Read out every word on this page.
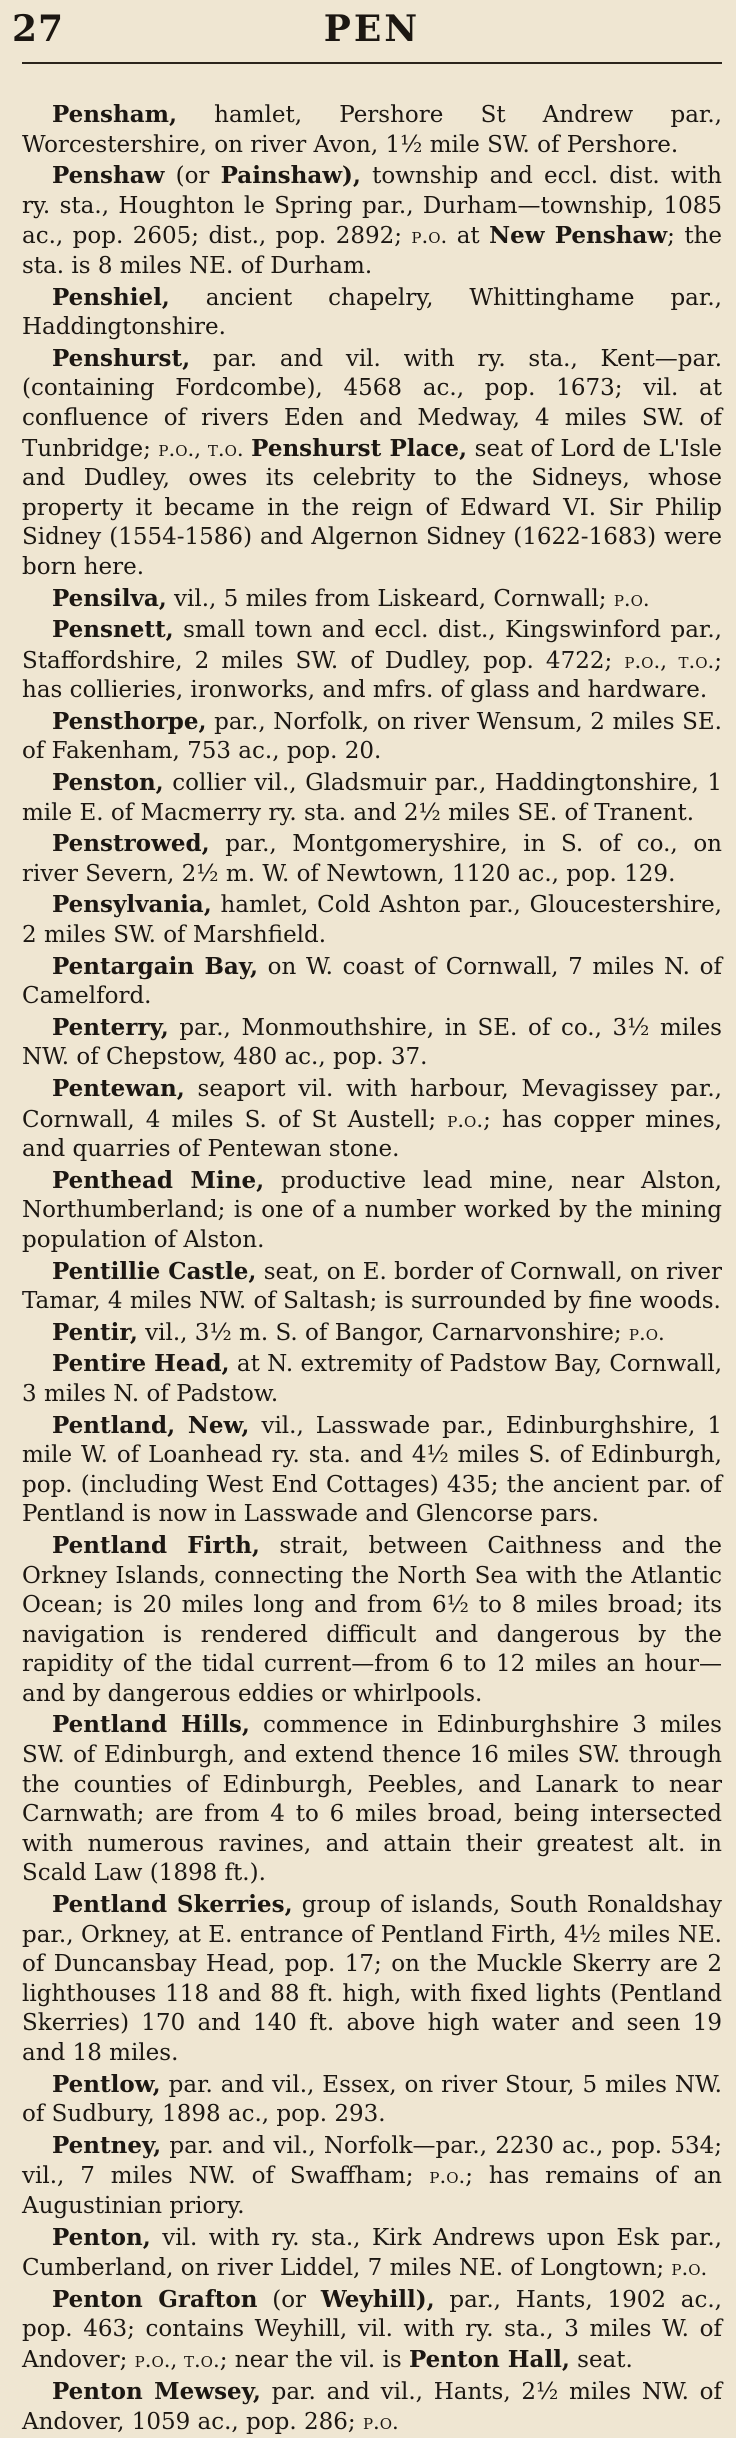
27	PEN

Pensham, hamlet, Pershore St Andrew par., Worcestershire, on river Avon, 1½ mile SW. of Pershore.

Penshaw (or Painshaw), township and eccl. dist. with ry. sta., Houghton le Spring par., Durham—township, 1085 ac., pop. 2605; dist., pop. 2892; p.o. at New Penshaw; the sta. is 8 miles NE. of Durham.

Penshiel, ancient chapelry, Whittinghame par., Haddingtonshire.

Penshurst, par. and vil. with ry. sta., Kent—par. (containing Fordcombe), 4568 ac., pop. 1673; vil. at confluence of rivers Eden and Medway, 4 miles SW. of Tunbridge; p.o., t.o. Penshurst Place, seat of Lord de L'Isle and Dudley, owes its celebrity to the Sidneys, whose property it became in the reign of Edward VI. Sir Philip Sidney (1554-1586) and Algernon Sidney (1622-1683) were born here.

Pensilva, vil., 5 miles from Liskeard, Cornwall; p.o.

Pensnett, small town and eccl. dist., Kingswinford par., Staffordshire, 2 miles SW. of Dudley, pop. 4722; p.o., t.o.; has collieries, ironworks, and mfrs. of glass and hardware.

Pensthorpe, par., Norfolk, on river Wensum, 2 miles SE. of Fakenham, 753 ac., pop. 20.

Penston, collier vil., Gladsmuir par., Haddingtonshire, 1 mile E. of Macmerry ry. sta. and 2½ miles SE. of Tranent.

Penstrowed, par., Montgomeryshire, in S. of co., on river Severn, 2½ m. W. of Newtown, 1120 ac., pop. 129.

Pensylvania, hamlet, Cold Ashton par., Gloucestershire, 2 miles SW. of Marshfield.

Pentargain Bay, on W. coast of Cornwall, 7 miles N. of Camelford.

Penterry, par., Monmouthshire, in SE. of co., 3½ miles NW. of Chepstow, 480 ac., pop. 37.

Pentewan, seaport vil. with harbour, Mevagissey par., Cornwall, 4 miles S. of St Austell; p.o.; has copper mines, and quarries of Pentewan stone.

Penthead Mine, productive lead mine, near Alston, Northumberland; is one of a number worked by the mining population of Alston.

Pentillie Castle, seat, on E. border of Cornwall, on river Tamar, 4 miles NW. of Saltash; is surrounded by fine woods.

Pentir, vil., 3½ m. S. of Bangor, Carnarvonshire; p.o.

Pentire Head, at N. extremity of Padstow Bay, Cornwall, 3 miles N. of Padstow.

Pentland, New, vil., Lasswade par., Edinburghshire, 1 mile W. of Loanhead ry. sta. and 4½ miles S. of Edinburgh, pop. (including West End Cottages) 435; the ancient par. of Pentland is now in Lasswade and Glencorse pars.

Pentland Firth, strait, between Caithness and the Orkney Islands, connecting the North Sea with the Atlantic Ocean; is 20 miles long and from 6½ to 8 miles broad; its navigation is rendered difficult and dangerous by the rapidity of the tidal current—from 6 to 12 miles an hour—and by dangerous eddies or whirlpools.

Pentland Hills, commence in Edinburghshire 3 miles SW. of Edinburgh, and extend thence 16 miles SW. through the counties of Edinburgh, Peebles, and Lanark to near Carnwath; are from 4 to 6 miles broad, being intersected with numerous ravines, and attain their greatest alt. in Scald Law (1898 ft.).

Pentland Skerries, group of islands, South Ronaldshay par., Orkney, at E. entrance of Pentland Firth, 4½ miles NE. of Duncansbay Head, pop. 17; on the Muckle Skerry are 2 lighthouses 118 and 88 ft. high, with fixed lights (Pentland Skerries) 170 and 140 ft. above high water and seen 19 and 18 miles.

Pentlow, par. and vil., Essex, on river Stour, 5 miles NW. of Sudbury, 1898 ac., pop. 293.

Pentney, par. and vil., Norfolk—par., 2230 ac., pop. 534; vil., 7 miles NW. of Swaffham; p.o.; has remains of an Augustinian priory.

Penton, vil. with ry. sta., Kirk Andrews upon Esk par., Cumberland, on river Liddel, 7 miles NE. of Longtown; p.o.

Penton Grafton (or Weyhill), par., Hants, 1902 ac., pop. 463; contains Weyhill, vil. with ry. sta., 3 miles W. of Andover; p.o., t.o.; near the vil. is Penton Hall, seat.

Penton Mewsey, par. and vil., Hants, 2½ miles NW. of Andover, 1059 ac., pop. 286; p.o.
